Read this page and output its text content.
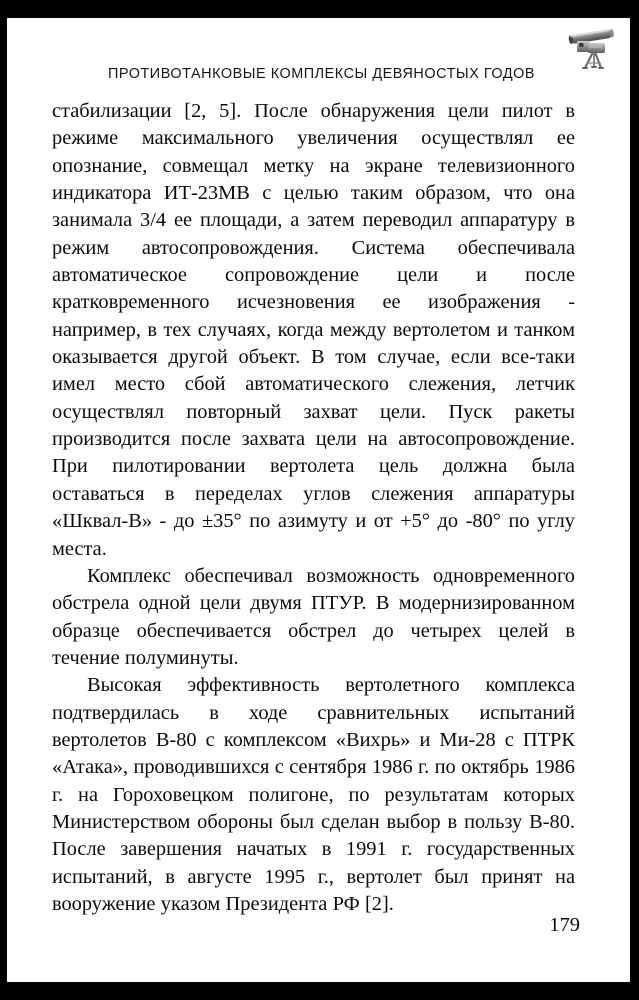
ПРОТИВОТАНКОВЫЕ КОМПЛЕКСЫ ДЕВЯНОСТЫХ ГОДОВ

стабилизации [2, 5]. После обнаружения цели пилот в режиме максимального увеличения осуществлял ее опознание, совмещал метку на экране телевизионного индикатора ИТ-23МВ с целью таким образом, что она занимала 3/4 ее площади, а затем переводил аппаратуру в режим автосопровождения. Система обеспечивала автоматическое сопровождение цели и после кратковременного исчезновения ее изображения - например, в тех случаях, когда между вертолетом и танком оказывается другой объект. В том случае, если все-таки имел место сбой автоматического слежения, летчик осуществлял повторный захват цели. Пуск ракеты производится после захвата цели на автосопровождение. При пилотировании вертолета цель должна была оставаться в переделах углов слежения аппаратуры «Шквал-В» - до ±35° по азимуту и от +5° до -80° по углу места.

Комплекс обеспечивал возможность одновременного обстрела одной цели двумя ПТУР. В модернизированном образце обеспечивается обстрел до четырех целей в течение полуминуты.

Высокая эффективность вертолетного комплекса подтвердилась в ходе сравнительных испытаний вертолетов В-80 с комплексом «Вихрь» и Ми-28 с ПТРК «Атака», проводившихся с сентября 1986 г. по октябрь 1986 г. на Гороховецком полигоне, по результатам которых Министерством обороны был сделан выбор в пользу В-80. После завершения начатых в 1991 г. государственных испытаний, в августе 1995 г., вертолет был принят на вооружение указом Президента РФ [2].

179
